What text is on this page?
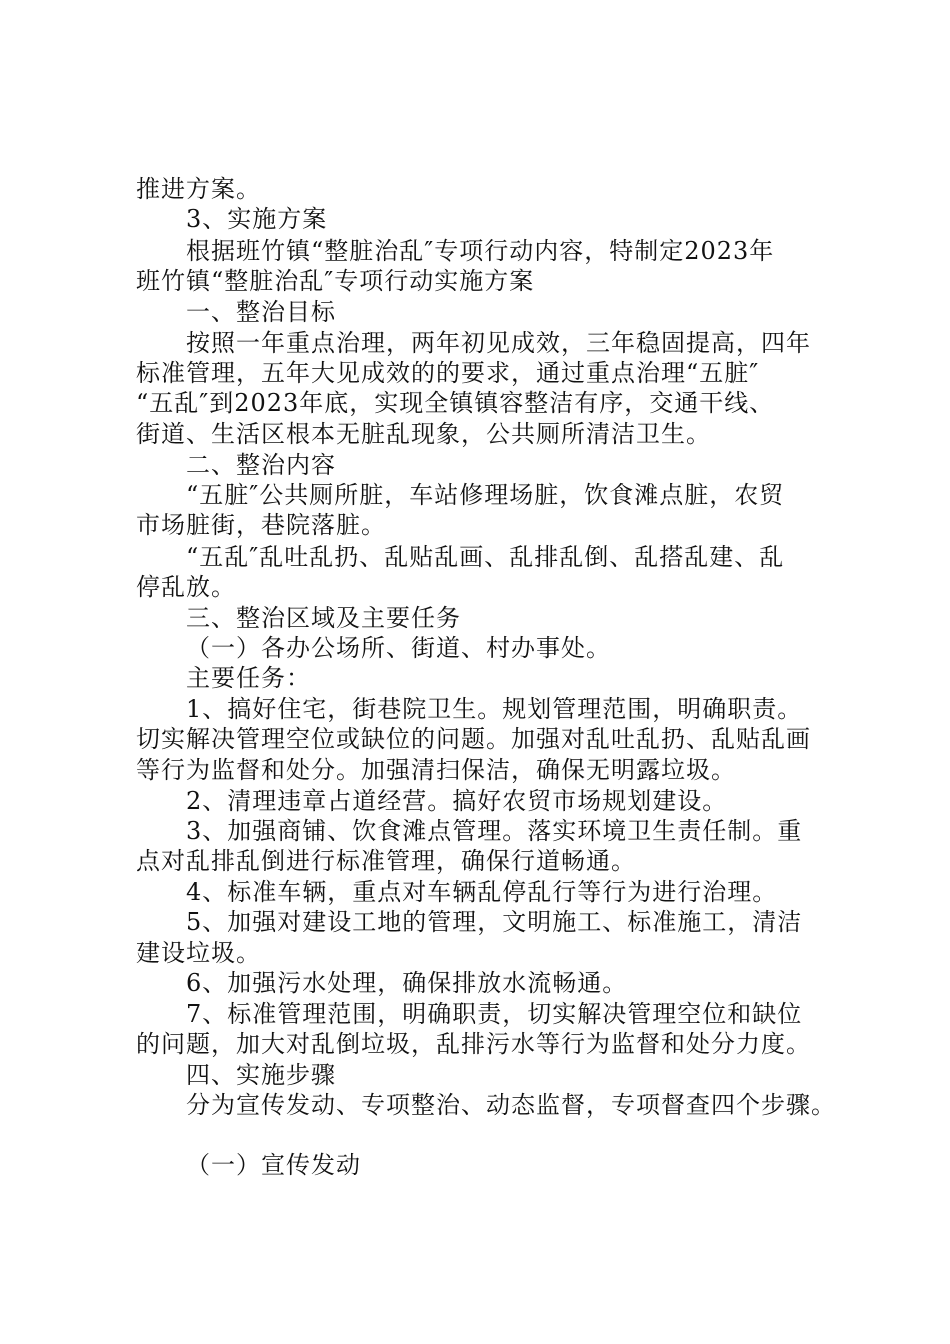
推进方案。
3、实施方案
根据班竹镇“整脏治乱″专项行动内容，特制定2023年
班竹镇“整脏治乱″专项行动实施方案
一、整治目标
按照一年重点治理，两年初见成效，三年稳固提高，四年
标准管理，五年大见成效的的要求，通过重点治理“五脏″
“五乱″到2023年底，实现全镇镇容整洁有序，交通干线、
街道、生活区根本无脏乱现象，公共厕所清洁卫生。
二、整治内容
“五脏″公共厕所脏，车站修理场脏，饮食滩点脏，农贸
市场脏街，巷院落脏。
“五乱″乱吐乱扔、乱贴乱画、乱排乱倒、乱搭乱建、乱
停乱放。
三、整治区域及主要任务
（一）各办公场所、街道、村办事处。
主要任务：
1、搞好住宅，街巷院卫生。规划管理范围，明确职责。
切实解决管理空位或缺位的问题。加强对乱吐乱扔、乱贴乱画
等行为监督和处分。加强清扫保洁，确保无明露垃圾。
2、清理违章占道经营。搞好农贸市场规划建设。
3、加强商铺、饮食滩点管理。落实环境卫生责任制。重
点对乱排乱倒进行标准管理，确保行道畅通。
4、标准车辆，重点对车辆乱停乱行等行为进行治理。
5、加强对建设工地的管理，文明施工、标准施工，清洁
建设垃圾。
6、加强污水处理，确保排放水流畅通。
7、标准管理范围，明确职责，切实解决管理空位和缺位
的问题，加大对乱倒垃圾，乱排污水等行为监督和处分力度。
四、实施步骤
分为宣传发动、专项整治、动态监督，专项督查四个步骤。
（一）宣传发动
